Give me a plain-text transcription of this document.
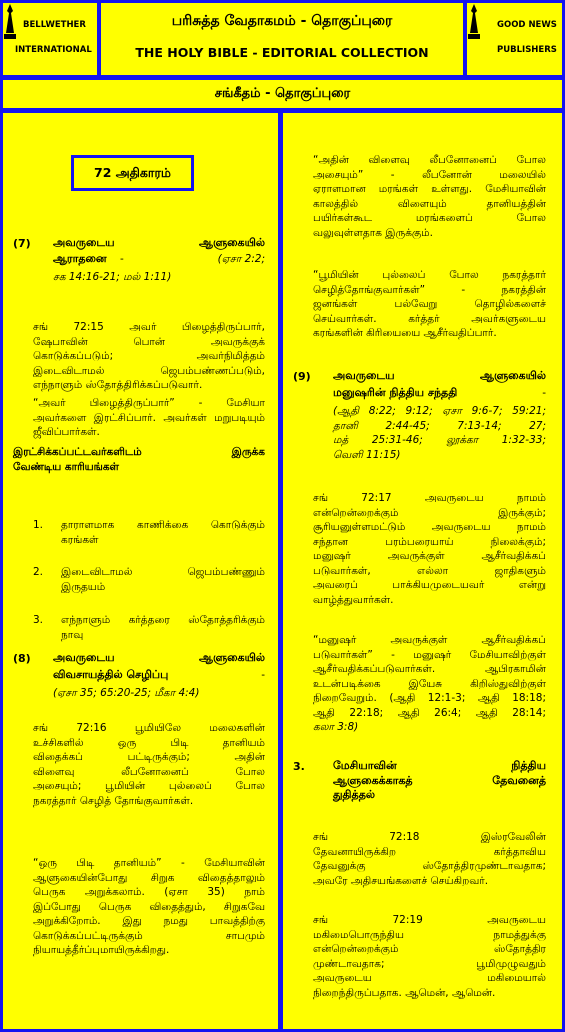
BELLWETHER
INTERNATIONAL
பரிசுத்த வேதாகமம் - தொகுப்புரை
THE HOLY BIBLE - EDITORIAL COLLECTION
GOOD NEWS
PUBLISHERS
சங்கீதம் - தொகுப்புரை
72 அதிகாரம்
(7) அவருடைய ஆளுகையில்
ஆராதனை -	(ஏசா 2:2;
சக 14:16-21; மல் 1:11)
சங் 72:15 அவர் பிழைத்திருப்பார்,
ஷேபாவின் பொன் அவருக்குக்
கொடுக்கப்படும்; அவர்நிமித்தம்
இடைவிடாமல் ஜெபம்பண்ணப்படும்,
எந்நாளும் ஸ்தோத்திரிக்கப்படுவார்.
“அவர் பிழைத்திருப்பார்” - மேசியா
அவர்களை இரட்சிப்பார். அவர்கள் மறுபடியும்
ஜீவிப்பார்கள்.
இரட்சிக்கப்பட்டவர்களிடம் இருக்க
வேண்டிய காரியங்கள்
1. தாராளமாக காணிக்கை கொடுக்கும்
கரங்கள்
2. இடைவிடாமல் ஜெபம்பண்ணும்
இருதயம்
3. எந்நாளும் கர்த்தரை ஸ்தோத்தரிக்கும்
நாவு
(8) அவருடைய ஆளுகையில்
விவசாயத்தில் செழிப்பு	-
(ஏசா 35; 65:20-25; மீகா 4:4)
சங் 72:16 பூமியிலே மலைகளின்
உச்சிகளில் ஒரு பிடி தானியம்
விதைக்கப் பட்டிருக்கும்; அதின்
விளைவு லீபனோனைப் போல
அசையும்; பூமியின் புல்லைப் போல
நகரத்தார் செழித் தோங்குவார்கள்.
“ஒரு பிடி தானியம்” - மேசியாவின்
ஆளுகையின்போது சிறுக விதைத்தாலும்
பெருக அறுக்கலாம். (ஏசா 35) நாம்
இப்போது பெருக விதைத்தும், சிறுகவே
அறுக்கிறோம். இது நமது பாவத்திற்கு
கொடுக்கப்பட்டிருக்கும் சாபமும்
நியாயத்தீர்ப்புமாயிருக்கிறது.
“அதின் விளைவு லீபனோனைப் போல
அசையும்” - லீபனோன் மலையில்
ஏராளமான மரங்கள் உள்ளது. மேசியாவின்
காலத்தில் விளையும் தானியத்தின்
பயிர்கள்கூட மரங்களைப் போல
வலுவுள்ளதாக இருக்கும்.
“பூமியின் புல்லைப் போல நகரத்தார்
செழித்தோங்குவார்கள்” - நகரத்தின்
ஜனங்கள் பல்வேறு தொழில்களைச்
செய்வார்கள். கர்த்தர் அவர்களுடைய
கரங்களின் கிரியையை ஆசீர்வதிப்பார்.
(9) அவருடைய ஆளுகையில்
மனுஷரின் நித்திய சந்ததி	-
(ஆதி 8:22; 9:12; ஏசா 9:6-7; 59:21;
தானி 2:44-45; 7:13-14; 27;
மத் 25:31-46; லூக்கா 1:32-33;
வெளி 11:15)
சங் 72:17 அவருடைய நாமம்
என்றென்றைக்கும் இருக்கும்;
சூரியனுள்ளமட்டும் அவருடைய நாமம்
சந்தான பரம்பரையாய் நிலைக்கும்;
மனுஷர் அவருக்குள் ஆசீர்வதிக்கப்
படுவார்கள், எல்லா ஜாதிகளும்
அவரைப் பாக்கியமுடையவர் என்று
வாழ்த்துவார்கள்.
“மனுஷர் அவருக்குள் ஆசீர்வதிக்கப்
படுவார்கள்” - மனுஷர் மேசியாவிற்குள்
ஆசீர்வதிக்கப்படுவார்கள். ஆபிரகாமின்
உடன்படிக்கை இயேசு கிறிஸ்துவிற்குள்
நிறைவேறும். (ஆதி 12:1-3; ஆதி 18:18;
ஆதி 22:18; ஆதி 26:4; ஆதி 28:14;
கலா 3:8)
3.	மேசியாவின் நித்திய
ஆளுகைக்காகத் தேவனைத்
துதித்தல்
சங் 72:18 இஸ்ரவேலின்
தேவனாயிருக்கிற கர்த்தாவிய
தேவனுக்கு ஸ்தோத்திரமுண்டாவதாக;
அவரே அதிசயங்களைச் செய்கிறவர்.
சங் 72:19 அவருடைய
மகிமைபொருந்திய நாமத்துக்கு
என்றென்றைக்கும் ஸ்தோத்திர
முண்டாவதாக; பூமிமுழுவதும்
அவருடைய மகிமையால்
நிறைந்திருப்பதாக. ஆமென், ஆமென்.
